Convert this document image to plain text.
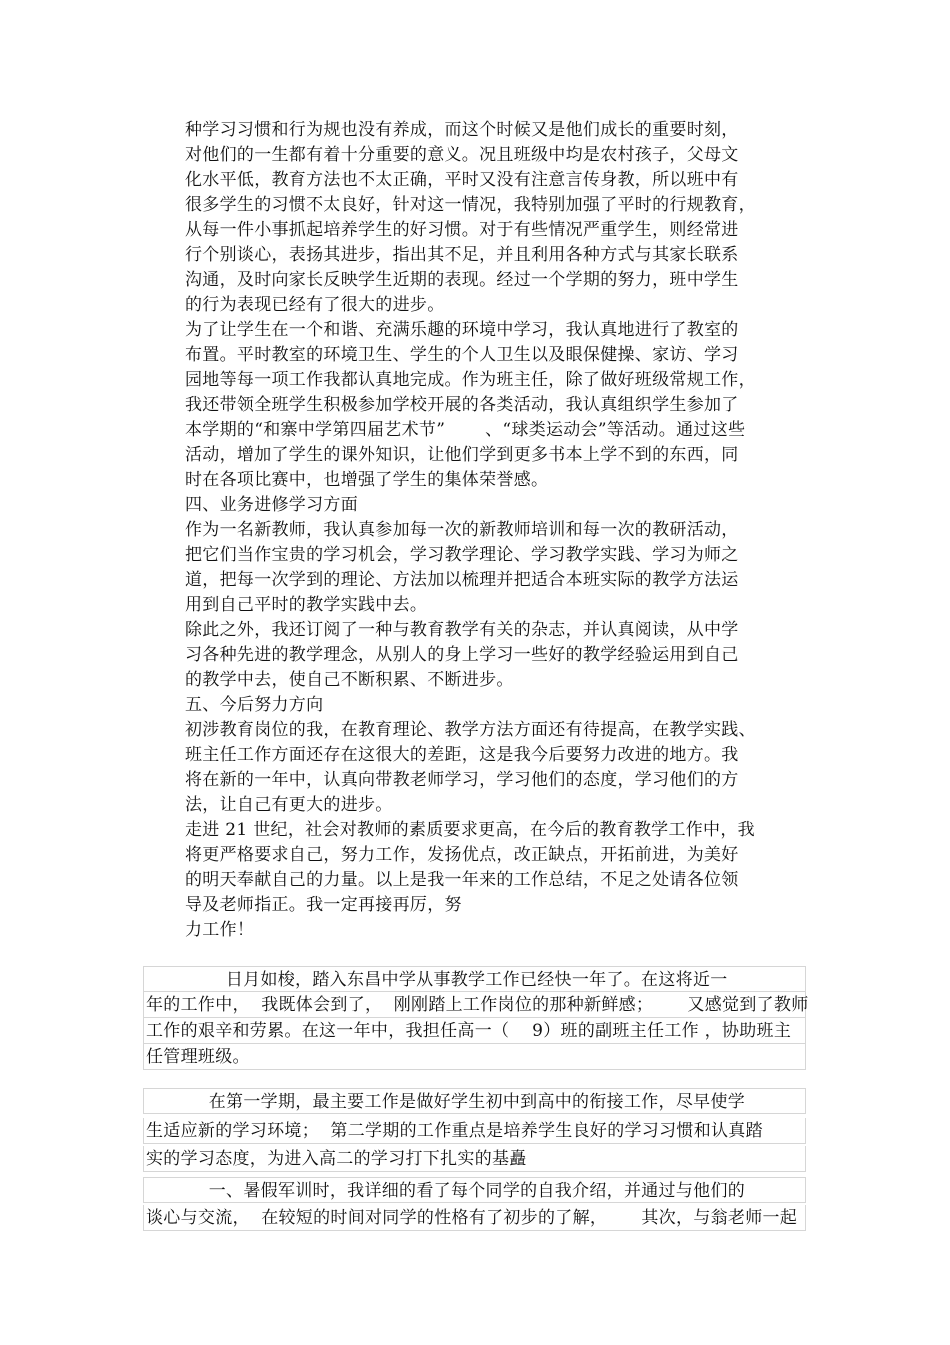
种学习习惯和行为规也没有养成，而这个时候又是他们成长的重要时刻，
对他们的一生都有着十分重要的意义。况且班级中均是农村孩子，父母文
化水平低，教育方法也不太正确，平时又没有注意言传身教，所以班中有
很多学生的习惯不太良好，针对这一情况，我特别加强了平时的行规教育，
从每一件小事抓起培养学生的好习惯。对于有些情况严重学生，则经常进
行个别谈心，表扬其进步，指出其不足，并且利用各种方式与其家长联系
沟通，及时向家长反映学生近期的表现。经过一个学期的努力，班中学生
的行为表现已经有了很大的进步。
为了让学生在一个和谐、充满乐趣的环境中学习，我认真地进行了教室的
布置。平时教室的环境卫生、学生的个人卫生以及眼保健操、家访、学习
园地等每一项工作我都认真地完成。作为班主任，除了做好班级常规工作，
我还带领全班学生积极参加学校开展的各类活动，我认真组织学生参加了
本学期的“和寨中学第四届艺术节”       、“球类运动会”等活动。通过这些
活动，增加了学生的课外知识，让他们学到更多书本上学不到的东西，同
时在各项比赛中，也增强了学生的集体荣誉感。
四、业务进修学习方面
作为一名新教师，我认真参加每一次的新教师培训和每一次的教研活动，
把它们当作宝贵的学习机会，学习教学理论、学习教学实践、学习为师之
道，把每一次学到的理论、方法加以梳理并把适合本班实际的教学方法运
用到自己平时的教学实践中去。
除此之外，我还订阅了一种与教育教学有关的杂志，并认真阅读，从中学
习各种先进的教学理念，从别人的身上学习一些好的教学经验运用到自己
的教学中去，使自己不断积累、不断进步。
五、今后努力方向
初涉教育岗位的我，在教育理论、教学方法方面还有待提高，在教学实践、
班主任工作方面还存在这很大的差距，这是我今后要努力改进的地方。我
将在新的一年中，认真向带教老师学习，学习他们的态度，学习他们的方
法，让自己有更大的进步。
走进 21 世纪，社会对教师的素质要求更高，在今后的教育教学工作中，我
将更严格要求自己，努力工作，发扬优点，改正缺点，开拓前进，为美好
的明天奉献自己的力量。以上是我一年来的工作总结，不足之处请各位领
导及老师指正。我一定再接再厉，努
力工作！
日月如梭，踏入东昌中学从事教学工作已经快一年了。在这将近一
年的工作中，  我既体会到了，  刚刚踏上工作岗位的那种新鲜感；      又感觉到了教师
工作的艰辛和劳累。在这一年中，我担任高一（    9）班的副班主任工作 ，协助班主
任管理班级。
在第一学期，最主要工作是做好学生初中到高中的衔接工作，尽早使学
生适应新的学习环境；  第二学期的工作重点是培养学生良好的学习习惯和认真踏
实的学习态度，为进入高二的学习打下扎实的基矗
一、暑假军训时，我详细的看了每个同学的自我介绍，并通过与他们的
谈心与交流，  在较短的时间对同学的性格有了初步的了解，      其次，与翁老师一起
